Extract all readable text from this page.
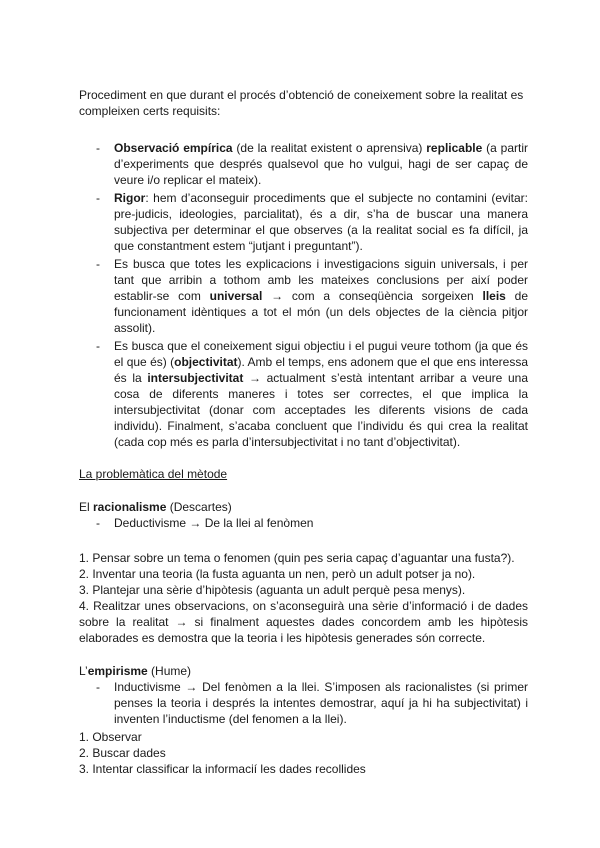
Procediment en que durant el procés d’obtenció de coneixement sobre la realitat es compleixen certs requisits:

- Observació empírica (de la realitat existent o aprensiva) replicable (a partir d’experiments que després qualsevol que ho vulgui, hagi de ser capaç de veure i/o replicar el mateix).
- Rigor: hem d’aconseguir procediments que el subjecte no contamini (evitar: pre-judicis, ideologies, parcialitat), és a dir, s’ha de buscar una manera subjectiva per determinar el que observes (a la realitat social es fa difícil, ja que constantment estem “jutjant i preguntant”).
- Es busca que totes les explicacions i investigacions siguin universals, i per tant que arribin a tothom amb les mateixes conclusions per així poder establir-se com universal → com a conseqüència sorgeixen lleis de funcionament idèntiques a tot el món (un dels objectes de la ciència pitjor assolit).
- Es busca que el coneixement sigui objectiu i el pugui veure tothom (ja que és el que és) (objectivitat). Amb el temps, ens adonem que el que ens interessa és la intersubjectivitat → actualment s’està intentant arribar a veure una cosa de diferents maneres i totes ser correctes, el que implica la intersubjectivitat (donar com acceptades les diferents visions de cada individu). Finalment, s’acaba concluent que l’individu és qui crea la realitat (cada cop més es parla d’intersubjectivitat i no tant d’objectivitat).

La problemàtica del mètode

El racionalisme (Descartes)

- Deductivisme → De la llei al fenòmen

1. Pensar sobre un tema o fenomen (quin pes seria capaç d’aguantar una fusta?).

2. Inventar una teoria (la fusta aguanta un nen, però un adult potser ja no).

3. Plantejar una sèrie d’hipòtesis (aguanta un adult perquè pesa menys).

4. Realitzar unes observacions, on s’aconseguirà una sèrie d’informació i de dades sobre la realitat → si finalment aquestes dades concordem amb les hipòtesis elaborades es demostra que la teoria i les hipòtesis generades són correcte.

L’empirisme (Hume)

- Inductivisme → Del fenòmen a la llei. S’imposen als racionalistes (si primer penses la teoria i després la intentes demostrar, aquí ja hi ha subjectivitat) i inventen l’inductisme (del fenomen a la llei).

1. Observar

2. Buscar dades

3. Intentar classificar la informacií les dades recollides
